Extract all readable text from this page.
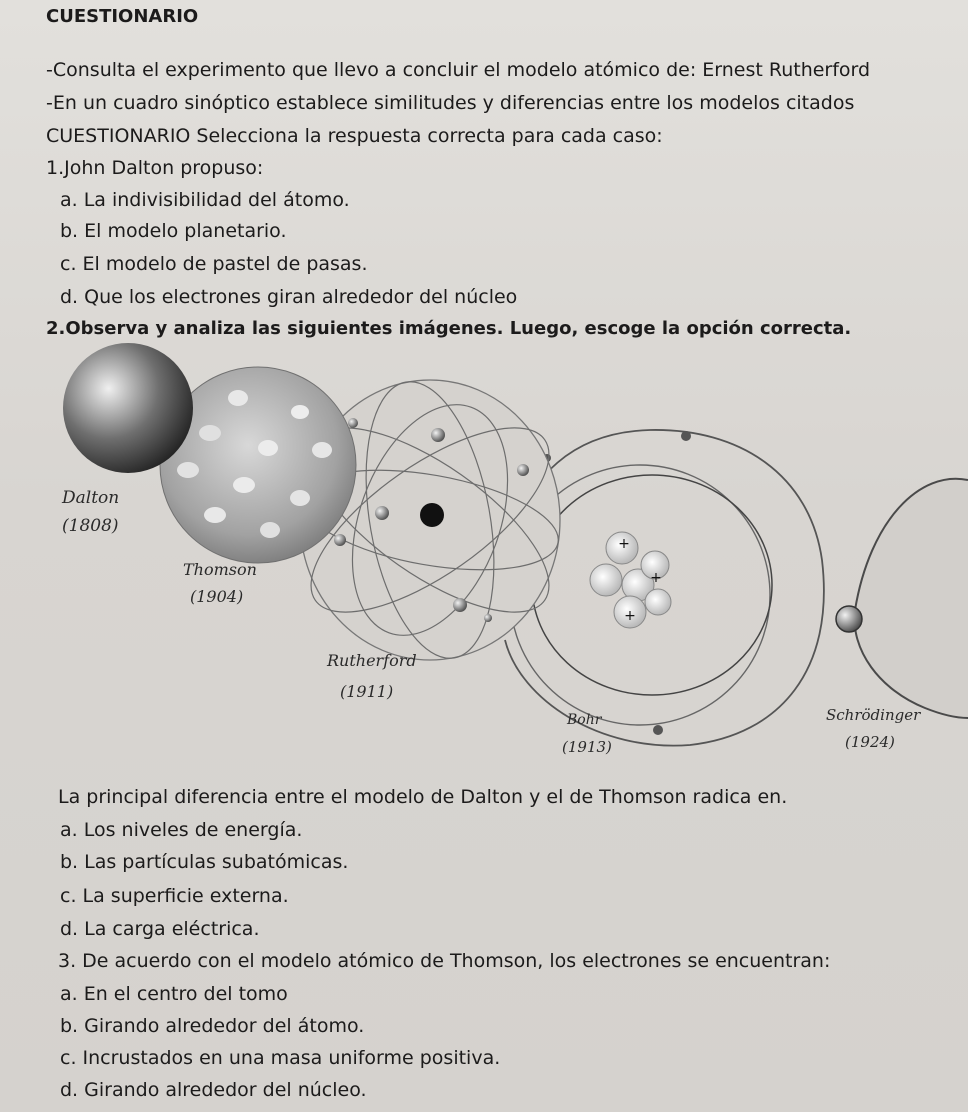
CUESTIONARIO
-Consulta el experimento que llevo a concluir el modelo atómico de: Ernest Rutherford
-En un cuadro sinóptico establece similitudes y diferencias entre los modelos citados
CUESTIONARIO Selecciona la respuesta correcta para cada caso:
1.John Dalton propuso:
a. La indivisibilidad del átomo.
b. El modelo planetario.
c. El modelo de pastel de pasas.
d. Que los electrones giran alrededor del núcleo
2.Observa y analiza las siguientes imágenes. Luego, escoge la opción correcta.
+
+
+
Dalton
(1808)
Thomson
(1904)
Rutherford
(1911)
Bohr
(1913)
Schrödinger
(1924)
La principal diferencia entre el modelo de Dalton y el de Thomson radica en.
a. Los niveles de energía.
b. Las partículas subatómicas.
c. La superficie externa.
d. La carga eléctrica.
3. De acuerdo con el modelo atómico de Thomson, los electrones se encuentran:
a. En el centro del tomo
b. Girando alrededor del átomo.
c. Incrustados en una masa uniforme positiva.
d. Girando alrededor del núcleo.
